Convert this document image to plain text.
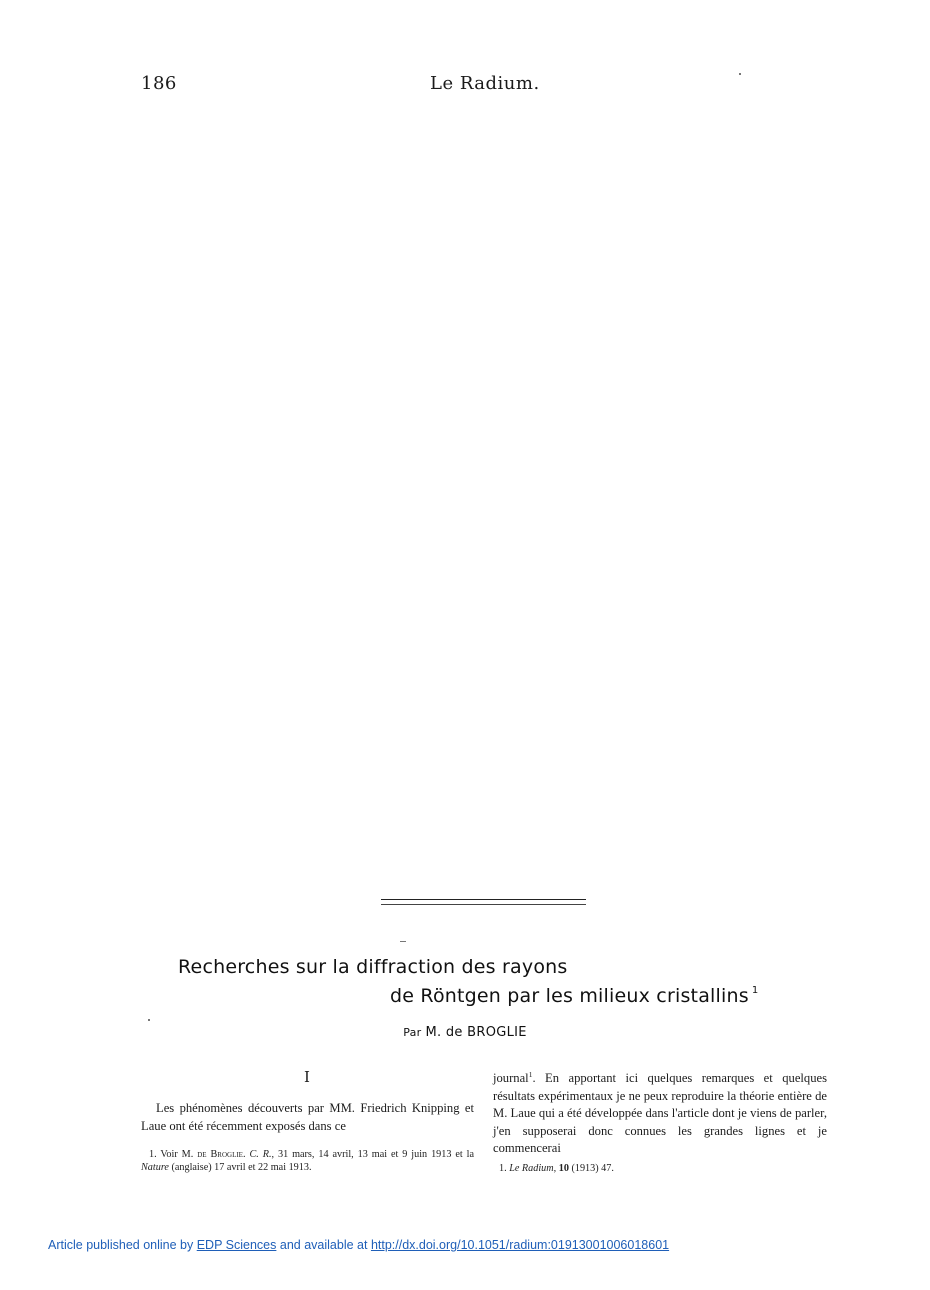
186	Le Radium.
Recherches sur la diffraction des rayons
de Röntgen par les milieux cristallins $^1$
Par M. de BROGLIE
I
Les phénomènes découverts par MM. Friedrich Knipping et Laue ont été récemment exposés dans ce
journal$^1$. En apportant ici quelques remarques et quelques résultats expérimentaux je ne peux reproduire la théorie entière de M. Laue qui a été développée dans l'article dont je viens de parler, j'en supposerai donc connues les grandes lignes et je commencerai
1. Voir M. de Broglie. C. R., 31 mars, 14 avril, 13 mai et 9 juin 1913 et la Nature (anglaise) 17 avril et 22 mai 1913.	1. Le Radium, 10 (1913) 47.
Article published online by EDP Sciences and available at http://dx.doi.org/10.1051/radium:01913001006018601
